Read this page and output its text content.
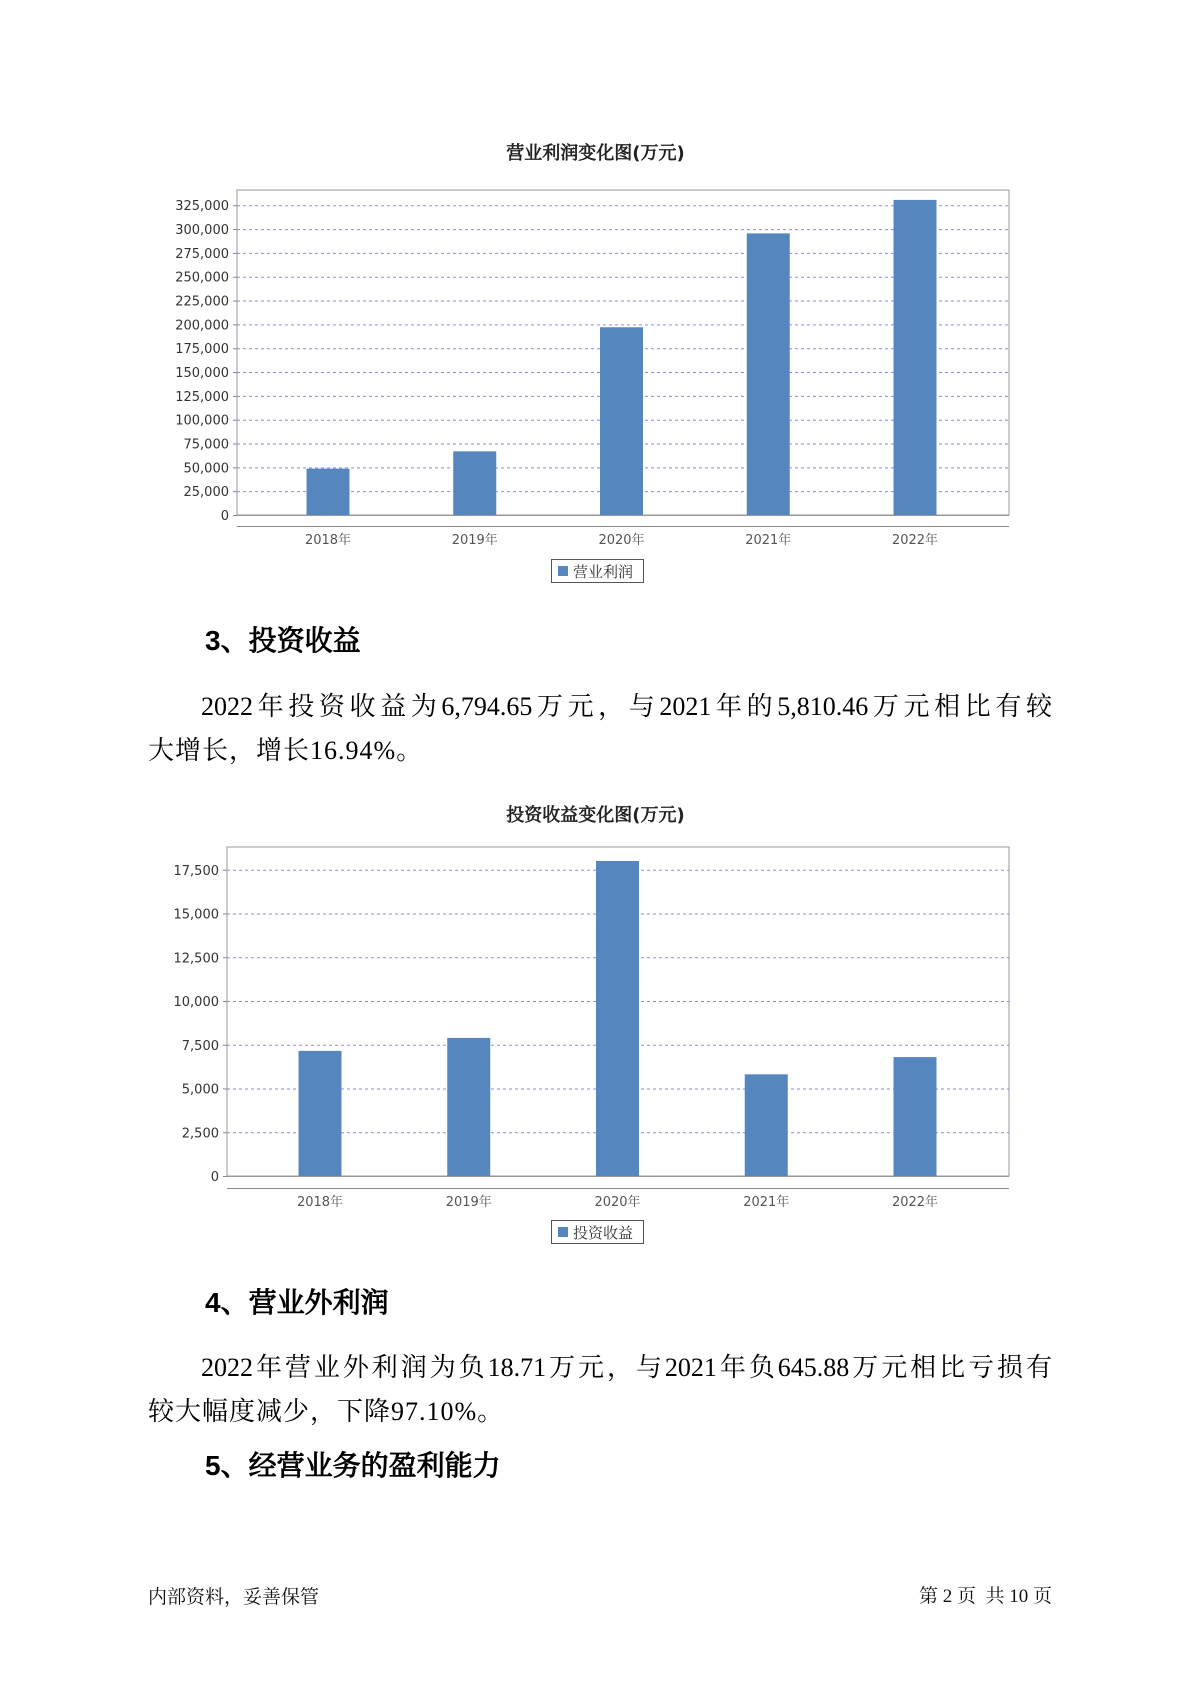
0
25,000
50,000
75,000
100,000
125,000
150,000
175,000
200,000
225,000
250,000
275,000
300,000
325,000
2018年	2019年	2020年	2021年	2022年
营业利润变化图(万元)
营业利润
3、投资收益
2022年投资收益为6,794.65万元，与2021年的5,810.46万元相比有较
大增长，增长16.94%。
0
2,500
5,000
7,500
10,000
12,500
15,000
17,500
2018年	2019年	2020年	2021年	2022年
投资收益变化图(万元)
投资收益
4、营业外利润
2022年营业外利润为负18.71万元，与2021年负645.88万元相比亏损有
较大幅度减少，下降97.10%。
5、经营业务的盈利能力
内部资料，妥善保管	第 2 页  共 10 页
